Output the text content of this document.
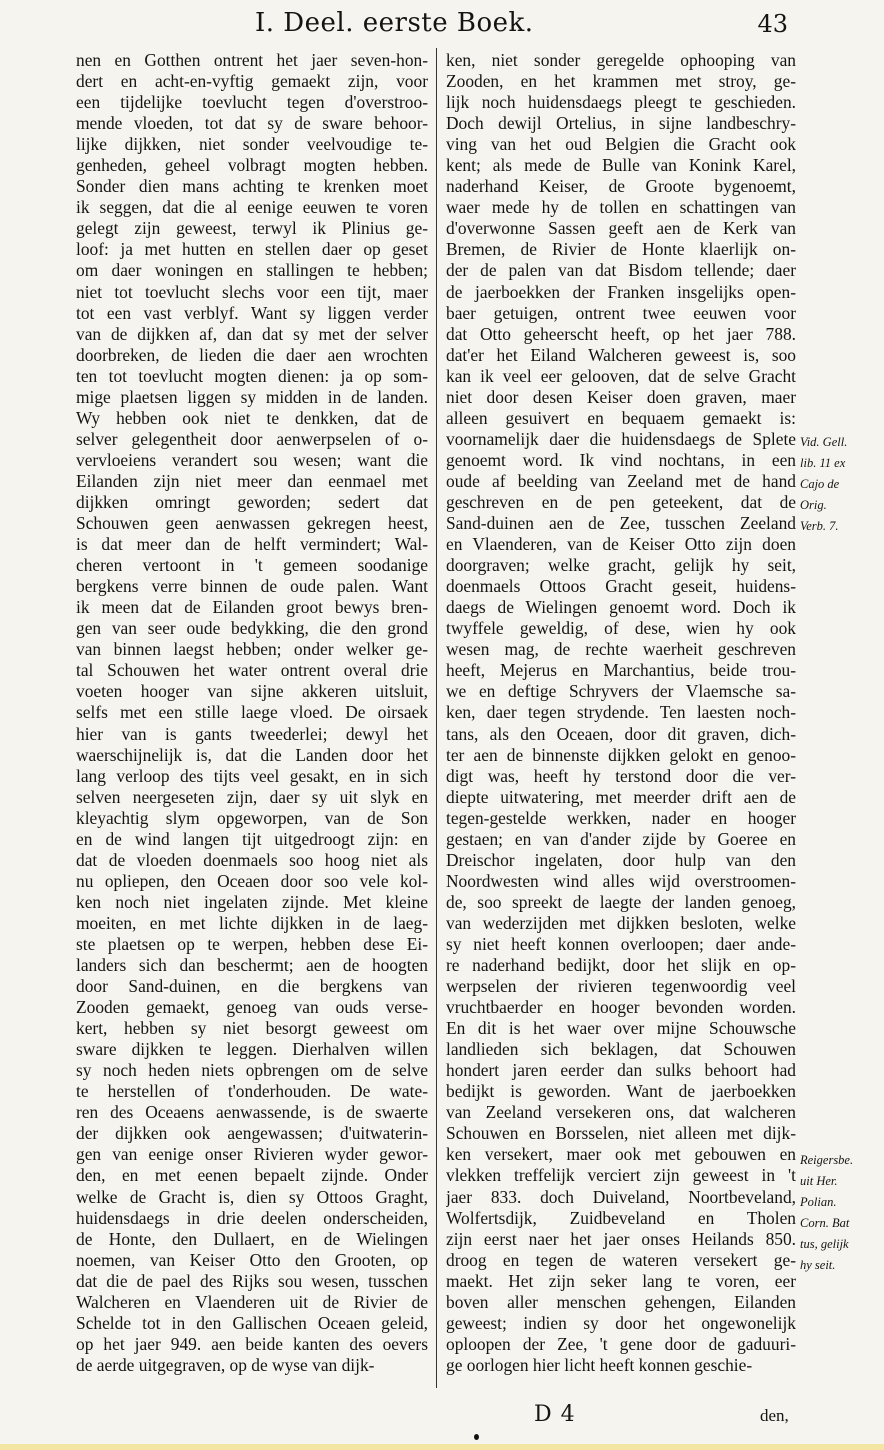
I. Deel. eerste Boek.	43
nen en Gotthen ontrent het jaer seven-hon-
dert en acht-en-vyftig gemaekt zijn, voor
een tijdelijke toevlucht tegen d'overstroo-
mende vloeden, tot dat sy de sware behoor-
lijke dijkken, niet sonder veelvoudige te-
genheden, geheel volbragt mogten hebben.
Sonder dien mans achting te krenken moet
ik seggen, dat die al eenige eeuwen te voren
gelegt zijn geweest, terwyl ik Plinius ge-
loof: ja met hutten en stellen daer op geset
om daer woningen en stallingen te hebben;
niet tot toevlucht slechs voor een tijt, maer
tot een vast verblyf. Want sy liggen verder
van de dijkken af, dan dat sy met der selver
doorbreken, de lieden die daer aen wrochten
ten tot toevlucht mogten dienen: ja op som-
mige plaetsen liggen sy midden in de landen.
Wy hebben ook niet te denkken, dat de
selver gelegentheit door aenwerpselen of o-
vervloeiens verandert sou wesen; want die
Eilanden zijn niet meer dan eenmael met
dijkken omringt geworden; sedert dat
Schouwen geen aenwassen gekregen heest,
is dat meer dan de helft vermindert; Wal-
cheren vertoont in 't gemeen soodanige
bergkens verre binnen de oude palen. Want
ik meen dat de Eilanden groot bewys bren-
gen van seer oude bedykking, die den grond
van binnen laegst hebben; onder welker ge-
tal Schouwen het water ontrent overal drie
voeten hooger van sijne akkeren uitsluit,
selfs met een stille laege vloed. De oirsaek
hier van is gants tweederlei; dewyl het
waerschijnelijk is, dat die Landen door het
lang verloop des tijts veel gesakt, en in sich
selven neergeseten zijn, daer sy uit slyk en
kleyachtig slym opgeworpen, van de Son
en de wind langen tijt uitgedroogt zijn: en
dat de vloeden doenmaels soo hoog niet als
nu opliepen, den Oceaen door soo vele kol-
ken noch niet ingelaten zijnde. Met kleine
moeiten, en met lichte dijkken in de laeg-
ste plaetsen op te werpen, hebben dese Ei-
landers sich dan beschermt; aen de hoogten
door Sand-duinen, en die bergkens van
Zooden gemaekt, genoeg van ouds verse-
kert, hebben sy niet besorgt geweest om
sware dijkken te leggen. Dierhalven willen
sy noch heden niets opbrengen om de selve
te herstellen of t'onderhouden. De wate-
ren des Oceaens aenwassende, is de swaerte
der dijkken ook aengewassen; d'uitwaterin-
gen van eenige onser Rivieren wyder gewor-
den, en met eenen bepaelt zijnde. Onder
welke de Gracht is, dien sy Ottoos Graght,
huidensdaegs in drie deelen onderscheiden,
de Honte, den Dullaert, en de Wielingen
noemen, van Keiser Otto den Grooten, op
dat die de pael des Rijks sou wesen, tusschen
Walcheren en Vlaenderen uit de Rivier de
Schelde tot in den Gallischen Oceaen geleid,
op het jaer 949. aen beide kanten des oevers
de aerde uitgegraven, op de wyse van dijk-
ken, niet sonder geregelde ophooping van
Zooden, en het krammen met stroy, ge-
lijk noch huidensdaegs pleegt te geschieden.
Doch dewijl Ortelius, in sijne landbeschry-
ving van het oud Belgien die Gracht ook
kent; als mede de Bulle van Konink Karel,
naderhand Keiser, de Groote bygenoemt,
waer mede hy de tollen en schattingen van
d'overwonne Sassen geeft aen de Kerk van
Bremen, de Rivier de Honte klaerlijk on-
der de palen van dat Bisdom tellende; daer
de jaerboekken der Franken insgelijks open-
baer getuigen, ontrent twee eeuwen voor
dat Otto geheerscht heeft, op het jaer 788.
dat'er het Eiland Walcheren geweest is, soo
kan ik veel eer gelooven, dat de selve Gracht
niet door desen Keiser doen graven, maer
alleen gesuivert en bequaem gemaekt is:
voornamelijk daer die huidensdaegs de Splete
genoemt word. Ik vind nochtans, in een
oude af beelding van Zeeland met de hand
geschreven en de pen geteekent, dat de
Sand-duinen aen de Zee, tusschen Zeeland
en Vlaenderen, van de Keiser Otto zijn doen
doorgraven; welke gracht, gelijk hy seit,
doenmaels Ottoos Gracht geseit, huidens-
daegs de Wielingen genoemt word. Doch ik
twyffele geweldig, of dese, wien hy ook
wesen mag, de rechte waerheit geschreven
heeft, Mejerus en Marchantius, beide trou-
we en deftige Schryvers der Vlaemsche sa-
ken, daer tegen strydende. Ten laesten noch-
tans, als den Oceaen, door dit graven, dich-
ter aen de binnenste dijkken gelokt en genoo-
digt was, heeft hy terstond door die ver-
diepte uitwatering, met meerder drift aen de
tegen-gestelde werkken, nader en hooger
gestaen; en van d'ander zijde by Goeree en
Dreischor ingelaten, door hulp van den
Noordwesten wind alles wijd overstroomen-
de, soo spreekt de laegte der landen genoeg,
van wederzijden met dijkken besloten, welke
sy niet heeft konnen overloopen; daer ande-
re naderhand bedijkt, door het slijk en op-
werpselen der rivieren tegenwoordig veel
vruchtbaerder en hooger bevonden worden.
En dit is het waer over mijne Schouwsche
landlieden sich beklagen, dat Schouwen
hondert jaren eerder dan sulks behoort had
bedijkt is geworden. Want de jaerboekken
van Zeeland versekeren ons, dat walcheren
Schouwen en Borsselen, niet alleen met dijk-
ken versekert, maer ook met gebouwen en
vlekken treffelijk verciert zijn geweest in 't
jaer 833. doch Duiveland, Noortbeveland,
Wolfertsdijk, Zuidbeveland en Tholen
zijn eerst naer het jaer onses Heilands 850.
droog en tegen de wateren versekert ge-
maekt. Het zijn seker lang te voren, eer
boven aller menschen gehengen, Eilanden
geweest; indien sy door het ongewonelijk
oploopen der Zee, 't gene door de gaduuri-
ge oorlogen hier licht heeft konnen geschie-
Vid. Gell.
lib. 11 ex
Cajo de
Orig.
Verb. 7.
Reigersbe.
uit Her.
Polian.
Corn. Bat
tus, gelijk
hy seit.
D 4	den,
